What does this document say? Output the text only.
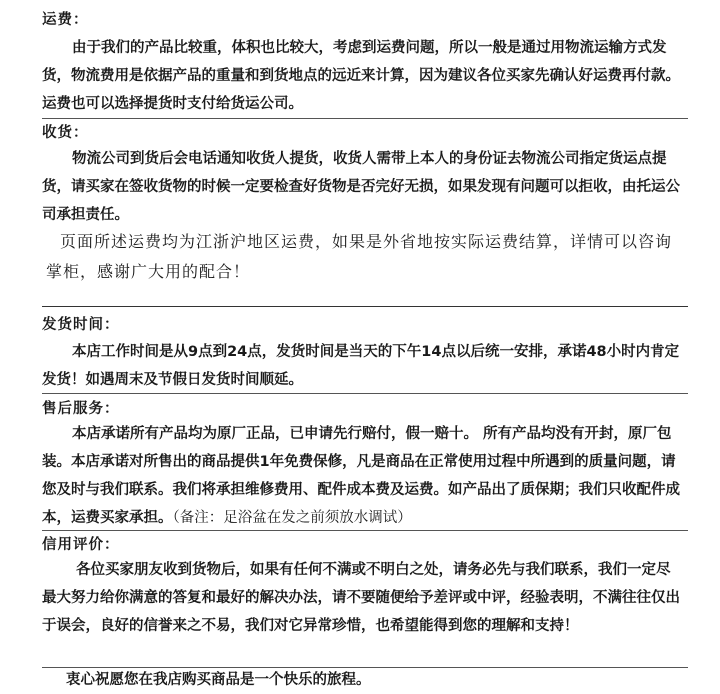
运费：
由于我们的产品比较重，体积也比较大，考虑到运费问题，所以一般是通过用物流运输方式发货，物流费用是依据产品的重量和到货地点的远近来计算，因为建议各位买家先确认好运费再付款。运费也可以选择提货时支付给货运公司。
收货：
物流公司到货后会电话通知收货人提货，收货人需带上本人的身份证去物流公司指定货运点提货，请买家在签收货物的时候一定要检查好货物是否完好无损，如果发现有问题可以拒收，由托运公司承担责任。
页面所述运费均为江浙沪地区运费，如果是外省地按实际运费结算，详情可以咨询掌柜，感谢广大用的配合！
发货时间：
本店工作时间是从9点到24点，发货时间是当天的下午14点以后统一安排，承诺48小时内肯定发货！如遇周末及节假日发货时间顺延。
售后服务：
本店承诺所有产品均为原厂正品，已申请先行赔付，假一赔十。 所有产品均没有开封，原厂包装。本店承诺对所售出的商品提供1年免费保修，凡是商品在正常使用过程中所遇到的质量问题，请您及时与我们联系。我们将承担维修费用、配件成本费及运费。如产品出了质保期；我们只收配件成本，运费买家承担。（备注：足浴盆在发之前须放水调试）
信用评价：
各位买家朋友收到货物后，如果有任何不满或不明白之处，请务必先与我们联系，我们一定尽最大努力给你满意的答复和最好的解决办法，请不要随便给予差评或中评，经验表明，不满往往仅出于误会，良好的信誉来之不易，我们对它异常珍惜，也希望能得到您的理解和支持！
衷心祝愿您在我店购买商品是一个快乐的旅程。
